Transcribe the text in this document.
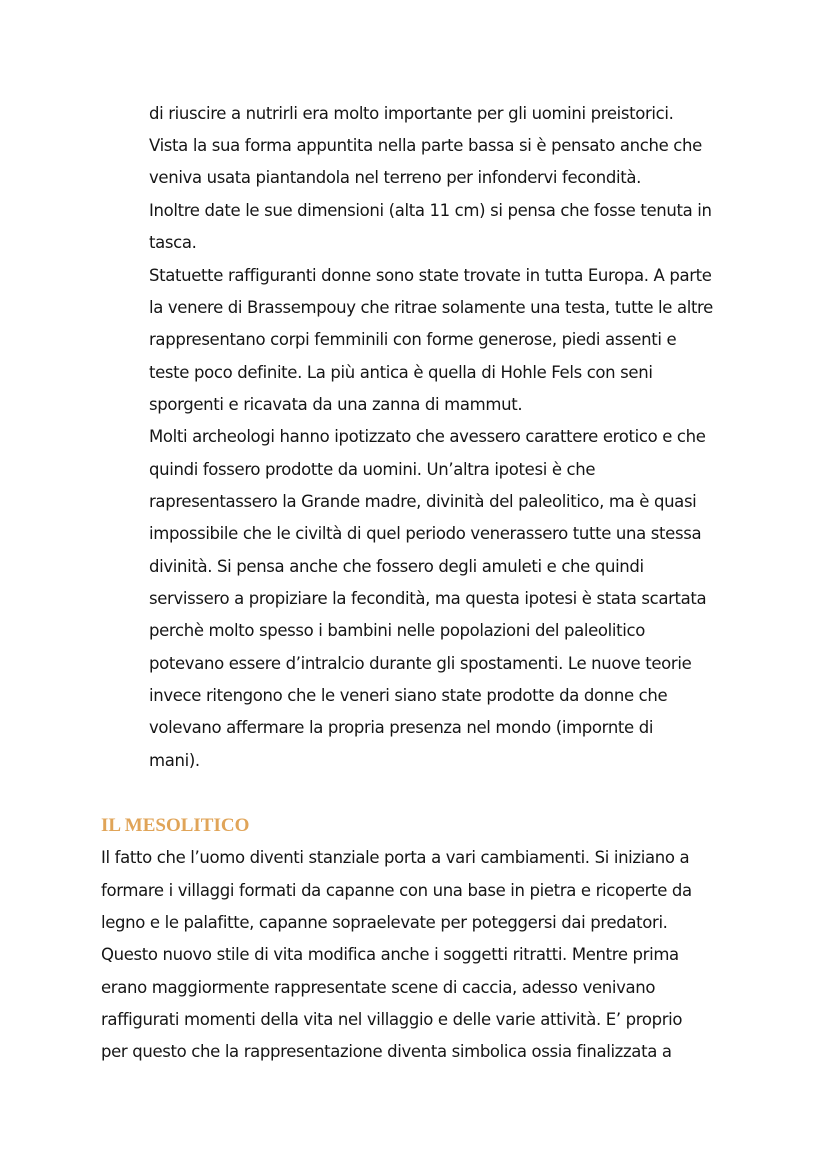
di riuscire a nutrirli era molto importante per gli uomini preistorici.

Vista la sua forma appuntita nella parte bassa si è pensato anche che

veniva usata piantandola nel terreno per infondervi fecondità.

Inoltre date le sue dimensioni (alta 11 cm) si pensa che fosse tenuta in

tasca.

Statuette raffiguranti donne sono state trovate in tutta Europa. A parte

la venere di Brassempouy che ritrae solamente una testa, tutte le altre

rappresentano corpi femminili con forme generose, piedi assenti e

teste poco definite. La più antica è quella di Hohle Fels con seni

sporgenti e ricavata da una zanna di mammut.

Molti archeologi hanno ipotizzato che avessero carattere erotico e che

quindi fossero prodotte da uomini. Un’altra ipotesi è che

rapresentassero la Grande madre, divinità del paleolitico, ma è quasi

impossibile che le civiltà di quel periodo venerassero tutte una stessa

divinità. Si pensa anche che fossero degli amuleti e che quindi

servissero a propiziare la fecondità, ma questa ipotesi è stata scartata

perchè molto spesso i bambini nelle popolazioni del paleolitico

potevano essere d’intralcio durante gli spostamenti. Le nuove teorie

invece ritengono che le veneri siano state prodotte da donne che

volevano affermare la propria presenza nel mondo (impornte di

mani).

IL MESOLITICO

Il fatto che l’uomo diventi stanziale porta a vari cambiamenti. Si iniziano a

formare i villaggi formati da capanne con una base in pietra e ricoperte da

legno e le palafitte, capanne sopraelevate per poteggersi dai predatori.

Questo nuovo stile di vita modifica anche i soggetti ritratti. Mentre prima

erano maggiormente rappresentate scene di caccia, adesso venivano

raffigurati momenti della vita nel villaggio e delle varie attività. E’ proprio

per questo che la rappresentazione diventa simbolica ossia finalizzata a
